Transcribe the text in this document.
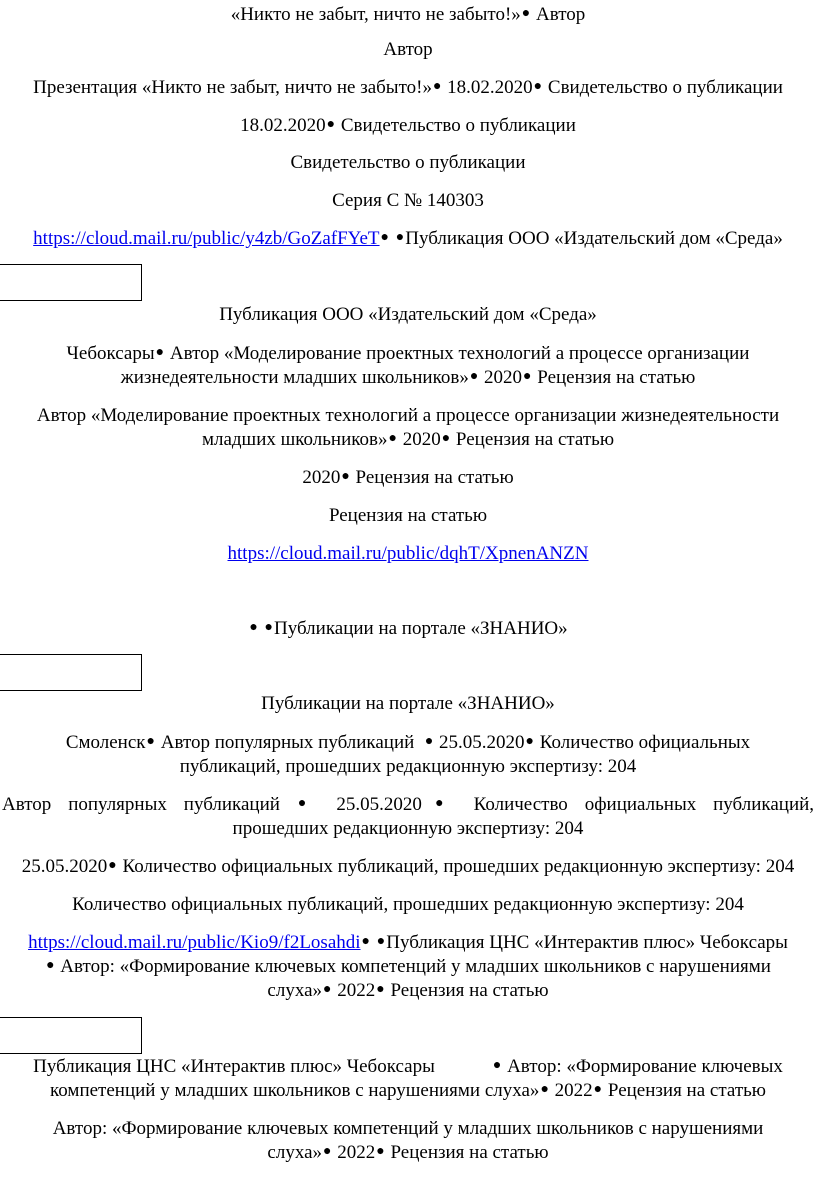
«Никто не забыт, ничто не забыто!»● Автор
Автор
Презентация «Никто не забыт, ничто не забыто!»● 18.02.2020● Свидетельство о публикации
18.02.2020● Свидетельство о публикации
Свидетельство о публикации
Серия С № 140303
https://cloud.mail.ru/public/y4zb/GoZafFYeT● ●Публикация ООО «Издательский дом «Среда»
Публикация ООО «Издательский дом «Среда»
Чебоксары● Автор «Моделирование проектных технологий а процессе организации
жизнедеятельности младших школьников»● 2020● Рецензия на статью
Автор «Моделирование проектных технологий а процессе организации жизнедеятельности
младших школьников»● 2020● Рецензия на статью
2020● Рецензия на статью
Рецензия на статью
https://cloud.mail.ru/public/dqhT/XpnenANZN
● ●Публикации на портале «ЗНАНИО»
Публикации на портале «ЗНАНИО»
Смоленск● Автор популярных публикаций ● 25.05.2020● Количество официальных
публикаций, прошедших редакционную экспертизу: 204
Автор популярных публикаций ● 25.05.2020● Количество официальных публикаций,
прошедших редакционную экспертизу: 204
25.05.2020● Количество официальных публикаций, прошедших редакционную экспертизу: 204
Количество официальных публикаций, прошедших редакционную экспертизу: 204
https://cloud.mail.ru/public/Kio9/f2Losahdi● ●Публикация ЦНС «Интерактив плюс» Чебоксары
● Автор: «Формирование ключевых компетенций у младших школьников с нарушениями
слуха»● 2022● Рецензия на статью
Публикация ЦНС «Интерактив плюс» Чебоксары	● Автор: «Формирование ключевых
компетенций у младших школьников с нарушениями слуха»● 2022● Рецензия на статью
Автор: «Формирование ключевых компетенций у младших школьников с нарушениями
слуха»● 2022● Рецензия на статью
